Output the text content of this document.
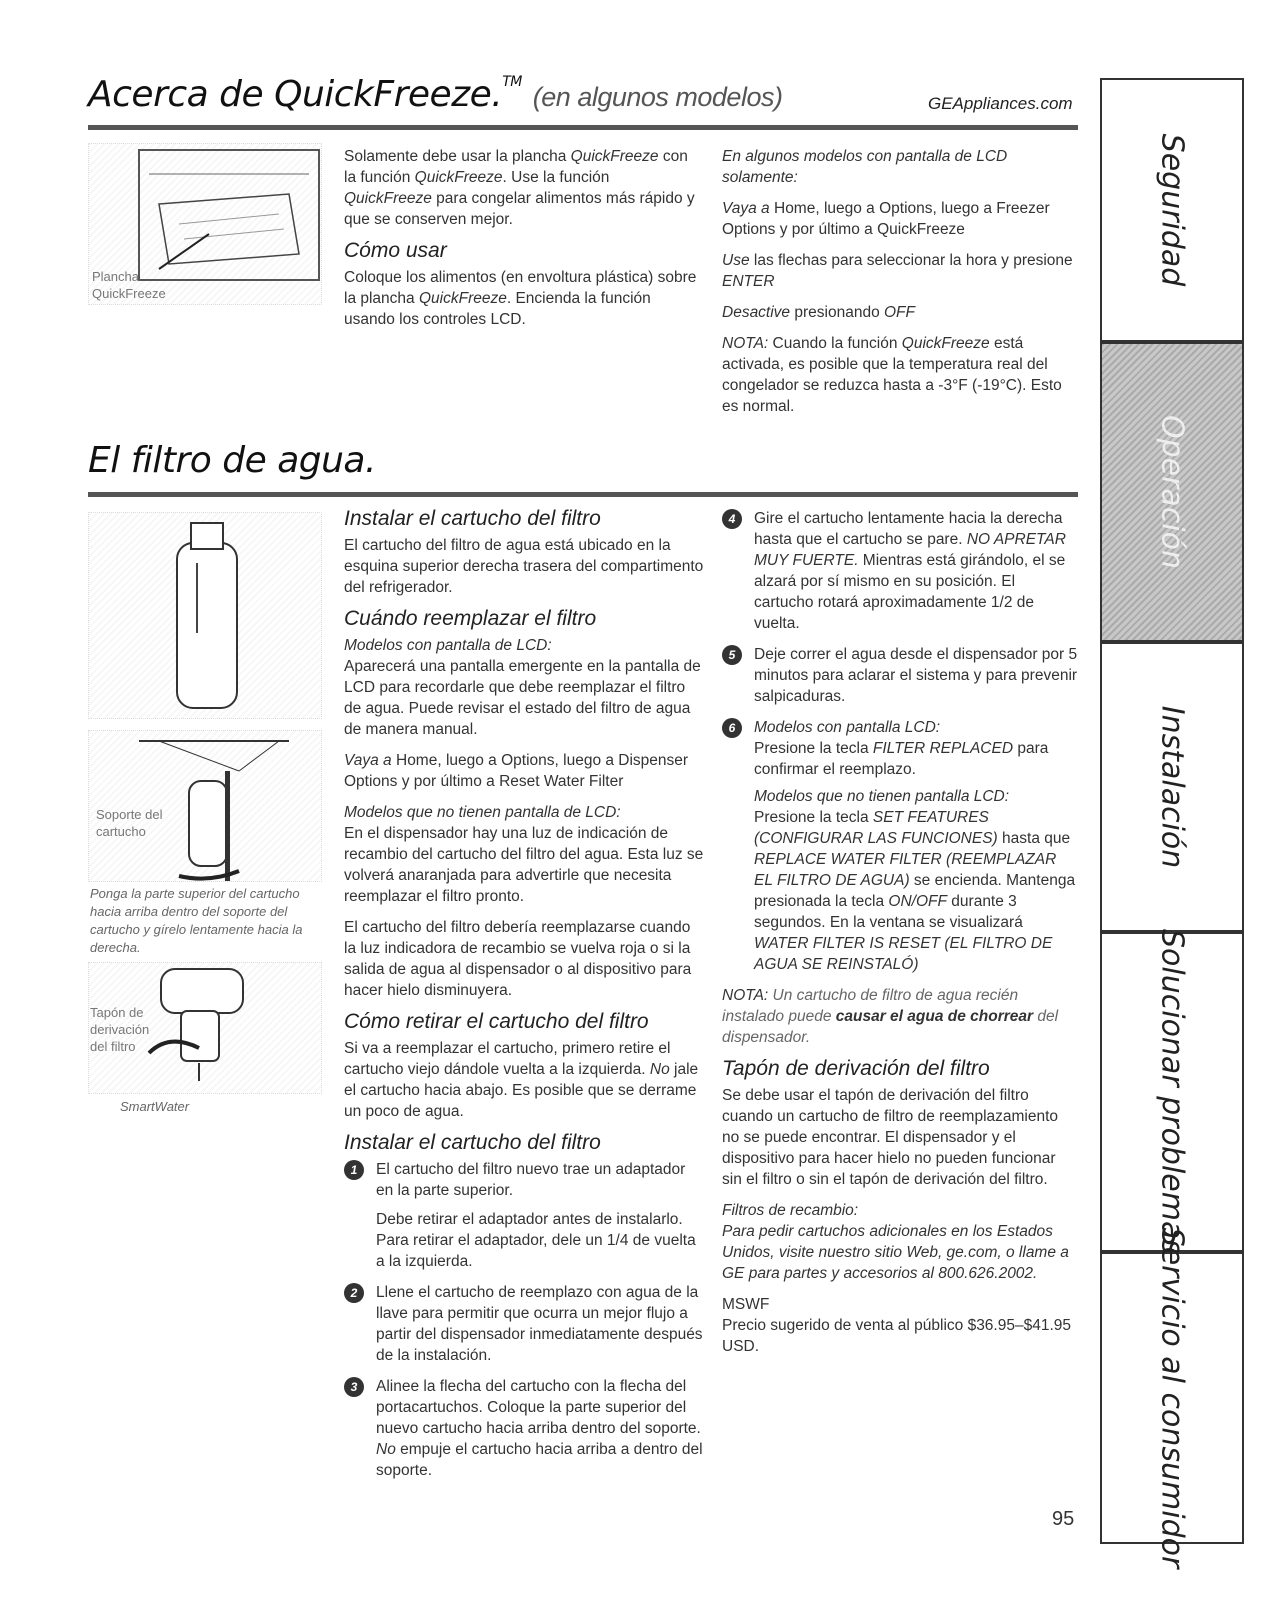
Acerca de QuickFreeze.™ (en algunos modelos)	GEAppliances.com
Plancha QuickFreeze

Solamente debe usar la plancha QuickFreeze con la función QuickFreeze. Use la función QuickFreeze para congelar alimentos más rápido y que se conserven mejor.

Cómo usar

Coloque los alimentos (en envoltura plástica) sobre la plancha QuickFreeze. Encienda la función usando los controles LCD.

En algunos modelos con pantalla de LCD solamente:

Vaya a Home, luego a Options, luego a Freezer Options y por último a QuickFreeze

Use las flechas para seleccionar la hora y presione ENTER

Desactive presionando OFF

NOTA: Cuando la función QuickFreeze está activada, es posible que la temperatura real del congelador se reduzca hasta a -3°F (-19°C). Esto es normal.

El filtro de agua.
Soporte del cartucho
Ponga la parte superior del cartucho hacia arriba dentro del soporte del cartucho y gírelo lentamente hacia la derecha.
Tapón de derivación del filtro
SmartWater
Instalar el cartucho del filtro

El cartucho del filtro de agua está ubicado en la esquina superior derecha trasera del compartimento del refrigerador.

Cuándo reemplazar el filtro
Modelos con pantalla de LCD:

Aparecerá una pantalla emergente en la pantalla de LCD para recordarle que debe reemplazar el filtro de agua. Puede revisar el estado del filtro de agua de manera manual.

Vaya a Home, luego a Options, luego a Dispenser Options y por último a Reset Water Filter

Modelos que no tienen pantalla de LCD:

En el dispensador hay una luz de indicación de recambio del cartucho del filtro del agua. Esta luz se volverá anaranjada para advertirle que necesita reemplazar el filtro pronto.

El cartucho del filtro debería reemplazarse cuando la luz indicadora de recambio se vuelva roja o si la salida de agua al dispensador o al dispositivo para hacer hielo disminuyera.

Cómo retirar el cartucho del filtro

Si va a reemplazar el cartucho, primero retire el cartucho viejo dándole vuelta a la izquierda. No jale el cartucho hacia abajo. Es posible que se derrame un poco de agua.

Instalar el cartucho del filtro
1	El cartucho del filtro nuevo trae un adaptador en la parte superior.
Debe retirar el adaptador antes de instalarlo. Para retirar el adaptador, dele un 1/4 de vuelta a la izquierda.
2	Llene el cartucho de reemplazo con agua de la llave para permitir que ocurra un mejor flujo a partir del dispensador inmediatamente después de la instalación.
3	Alinee la flecha del cartucho con la flecha del portacartuchos. Coloque la parte superior del nuevo cartucho hacia arriba dentro del soporte. No empuje el cartucho hacia arriba a dentro del soporte.
4	Gire el cartucho lentamente hacia la derecha hasta que el cartucho se pare. NO APRETAR MUY FUERTE. Mientras está girándolo, el se alzará por sí mismo en su posición. El cartucho rotará aproximadamente 1/2 de vuelta.
5	Deje correr el agua desde el dispensador por 5 minutos para aclarar el sistema y para prevenir salpicaduras.
6	Modelos con pantalla LCD:
Presione la tecla FILTER REPLACED para confirmar el reemplazo.
Modelos que no tienen pantalla LCD:
Presione la tecla SET FEATURES (CONFIGURAR LAS FUNCIONES) hasta que REPLACE WATER FILTER (REEMPLAZAR EL FILTRO DE AGUA) se encienda. Mantenga presionada la tecla ON/OFF durante 3 segundos. En la ventana se visualizará WATER FILTER IS RESET (EL FILTRO DE AGUA SE REINSTALÓ)

NOTA: Un cartucho de filtro de agua recién instalado puede causar el agua de chorrear del dispensador.

Tapón de derivación del filtro

Se debe usar el tapón de derivación del filtro cuando un cartucho de filtro de reemplazamiento no se puede encontrar. El dispensador y el dispositivo para hacer hielo no pueden funcionar sin el filtro o sin el tapón de derivación del filtro.

Filtros de recambio:

Para pedir cartuchos adicionales en los Estados Unidos, visite nuestro sitio Web, ge.com, o llame a GE para partes y accesorios al 800.626.2002.

MSWF
Precio sugerido de venta al público $36.95–$41.95 USD.
95
Seguridad
Operación
Instalación
Solucionar problemas
Servicio al consumidor
